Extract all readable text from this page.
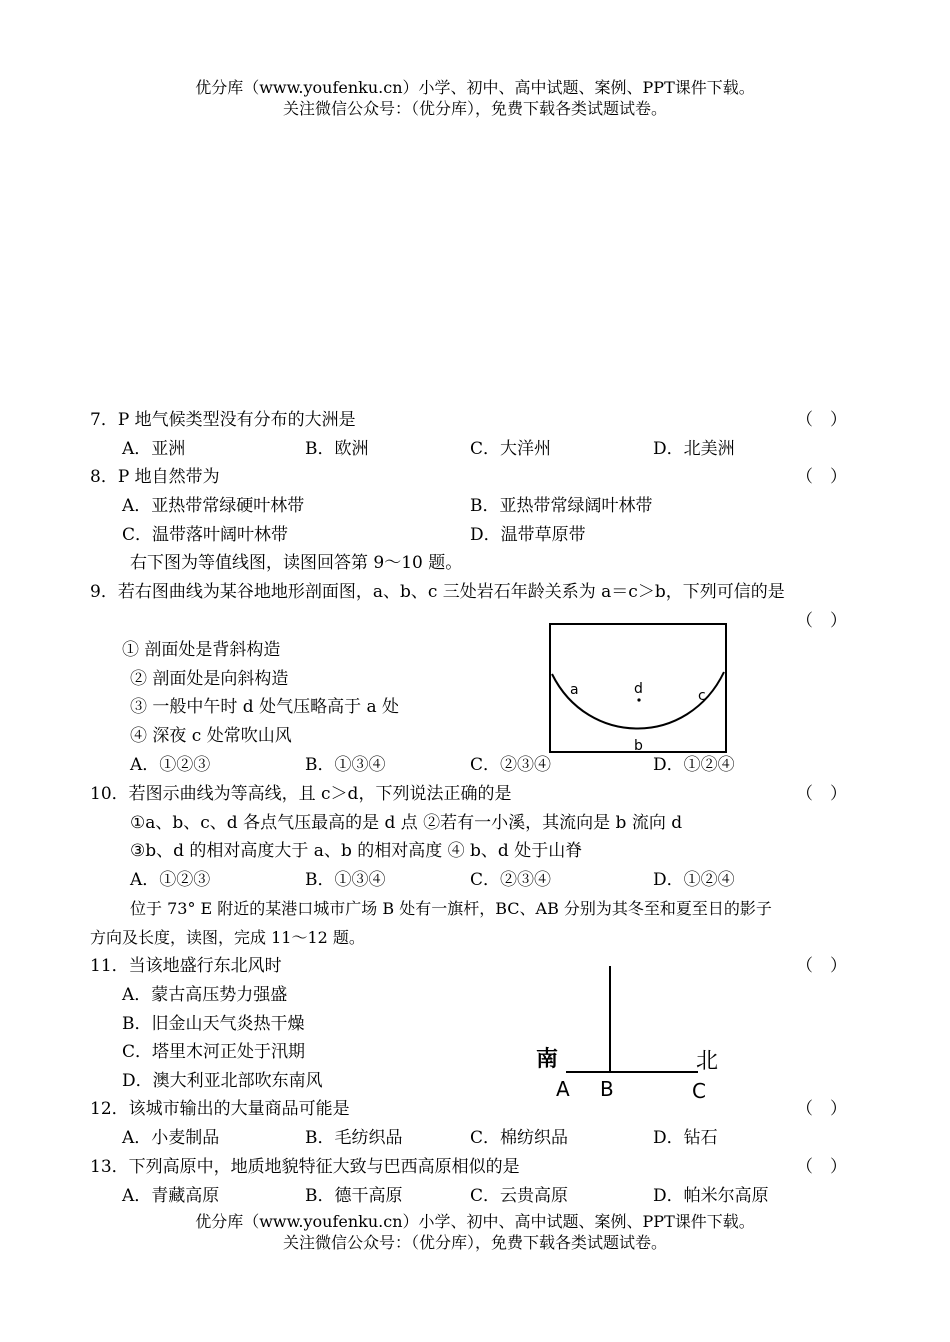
优分库（www.youfenku.cn）小学、初中、高中试题、案例、PPT课件下载。
关注微信公众号：（优分库），免费下载各类试题试卷。
7．P 地气候类型没有分布的大洲是	（　）
A．亚洲	B．欧洲	C．大洋州	D．北美洲
8．P 地自然带为	（　）
A．亚热带常绿硬叶林带	B．亚热带常绿阔叶林带
C．温带落叶阔叶林带	D．温带草原带
右下图为等值线图，读图回答第 9～10 题。
9．若右图曲线为某谷地地形剖面图，a、b、c 三处岩石年龄关系为 a＝c＞b，下列可信的是
（　）
① 剖面处是背斜构造
② 剖面处是向斜构造
③ 一般中午时 d 处气压略高于 a 处
④ 深夜 c 处常吹山风
A．①②③	B．①③④	C．②③④	D．①②④
a	d	c
b
10．若图示曲线为等高线，且 c＞d，下列说法正确的是	（　）
①a、b、c、d 各点气压最高的是 d 点 ②若有一小溪，其流向是 b 流向 d
③b、d 的相对高度大于 a、b 的相对高度 ④ b、d 处于山脊
A．①②③	B．①③④	C．②③④	D．①②④
位于 73° E 附近的某港口城市广场 B 处有一旗杆，BC、AB 分别为其冬至和夏至日的影子
方向及长度，读图，完成 11～12 题。
11．当该地盛行东北风时	（　）
A．蒙古高压势力强盛
B．旧金山天气炎热干燥
C．塔里木河正处于汛期
D．澳大利亚北部吹东南风
南	北
A B	C
12．该城市输出的大量商品可能是	（　）
A．小麦制品	B．毛纺织品	C．棉纺织品	D．钻石
13．下列高原中，地质地貌特征大致与巴西高原相似的是	（　）
A．青藏高原	B．德干高原	C．云贵高原	D．帕米尔高原
优分库（www.youfenku.cn）小学、初中、高中试题、案例、PPT课件下载。
关注微信公众号：（优分库），免费下载各类试题试卷。
